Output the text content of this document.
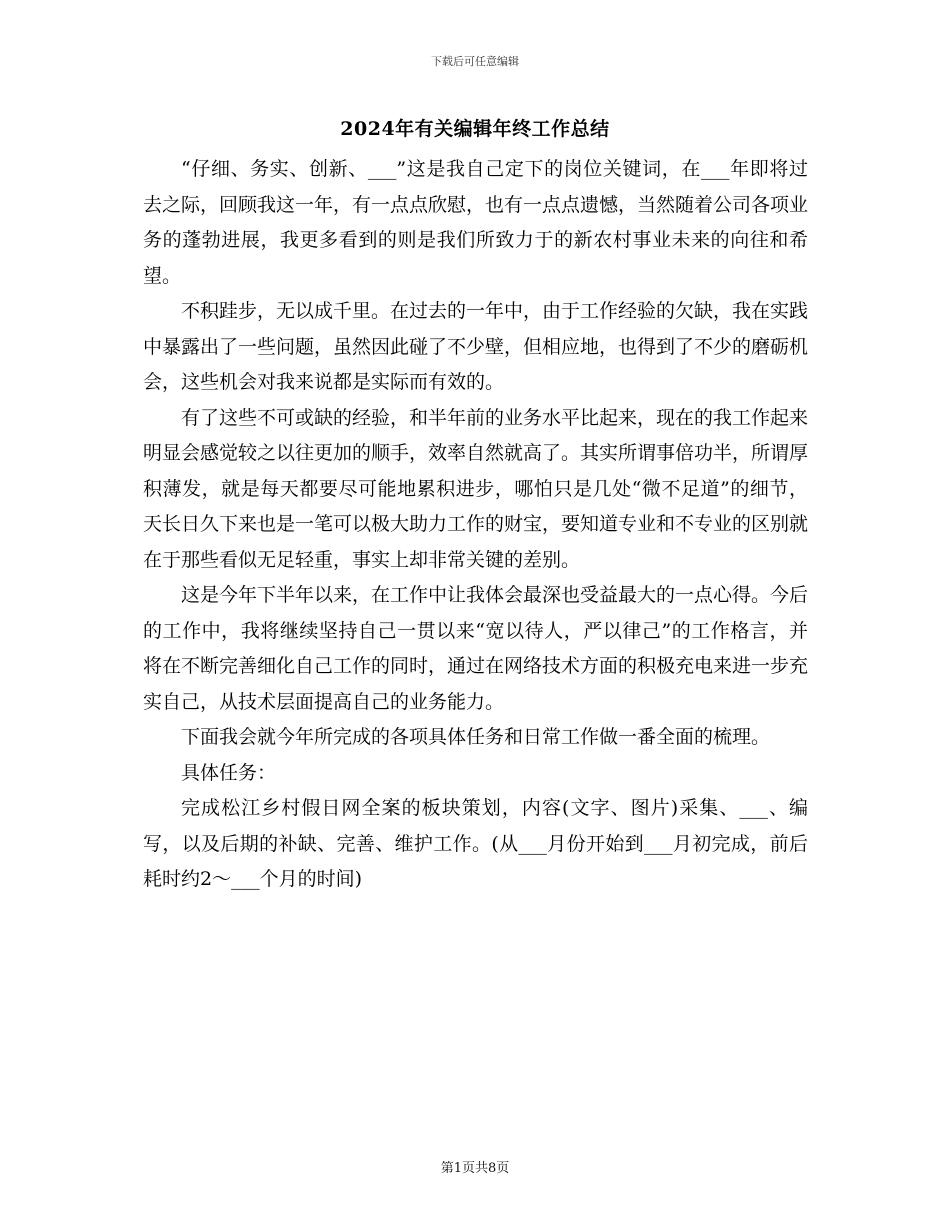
下载后可任意编辑
2024年有关编辑年终工作总结

“仔细、务实、创新、___”这是我自己定下的岗位关键词，在___年即将过去之际，回顾我这一年，有一点点欣慰，也有一点点遗憾，当然随着公司各项业务的蓬勃进展，我更多看到的则是我们所致力于的新农村事业未来的向往和希望。

不积跬步，无以成千里。在过去的一年中，由于工作经验的欠缺，我在实践中暴露出了一些问题，虽然因此碰了不少壁，但相应地，也得到了不少的磨砺机会，这些机会对我来说都是实际而有效的。

有了这些不可或缺的经验，和半年前的业务水平比起来，现在的我工作起来明显会感觉较之以往更加的顺手，效率自然就高了。其实所谓事倍功半，所谓厚积薄发，就是每天都要尽可能地累积进步，哪怕只是几处“微不足道”的细节，天长日久下来也是一笔可以极大助力工作的财宝，要知道专业和不专业的区别就在于那些看似无足轻重，事实上却非常关键的差别。

这是今年下半年以来，在工作中让我体会最深也受益最大的一点心得。今后的工作中，我将继续坚持自己一贯以来“宽以待人，严以律己”的工作格言，并将在不断完善细化自己工作的同时，通过在网络技术方面的积极充电来进一步充实自己，从技术层面提高自己的业务能力。

下面我会就今年所完成的各项具体任务和日常工作做一番全面的梳理。

具体任务：

完成松江乡村假日网全案的板块策划，内容(文字、图片)采集、___、编写，以及后期的补缺、完善、维护工作。(从___月份开始到___月初完成，前后耗时约2～___个月的时间)

第1页共8页
